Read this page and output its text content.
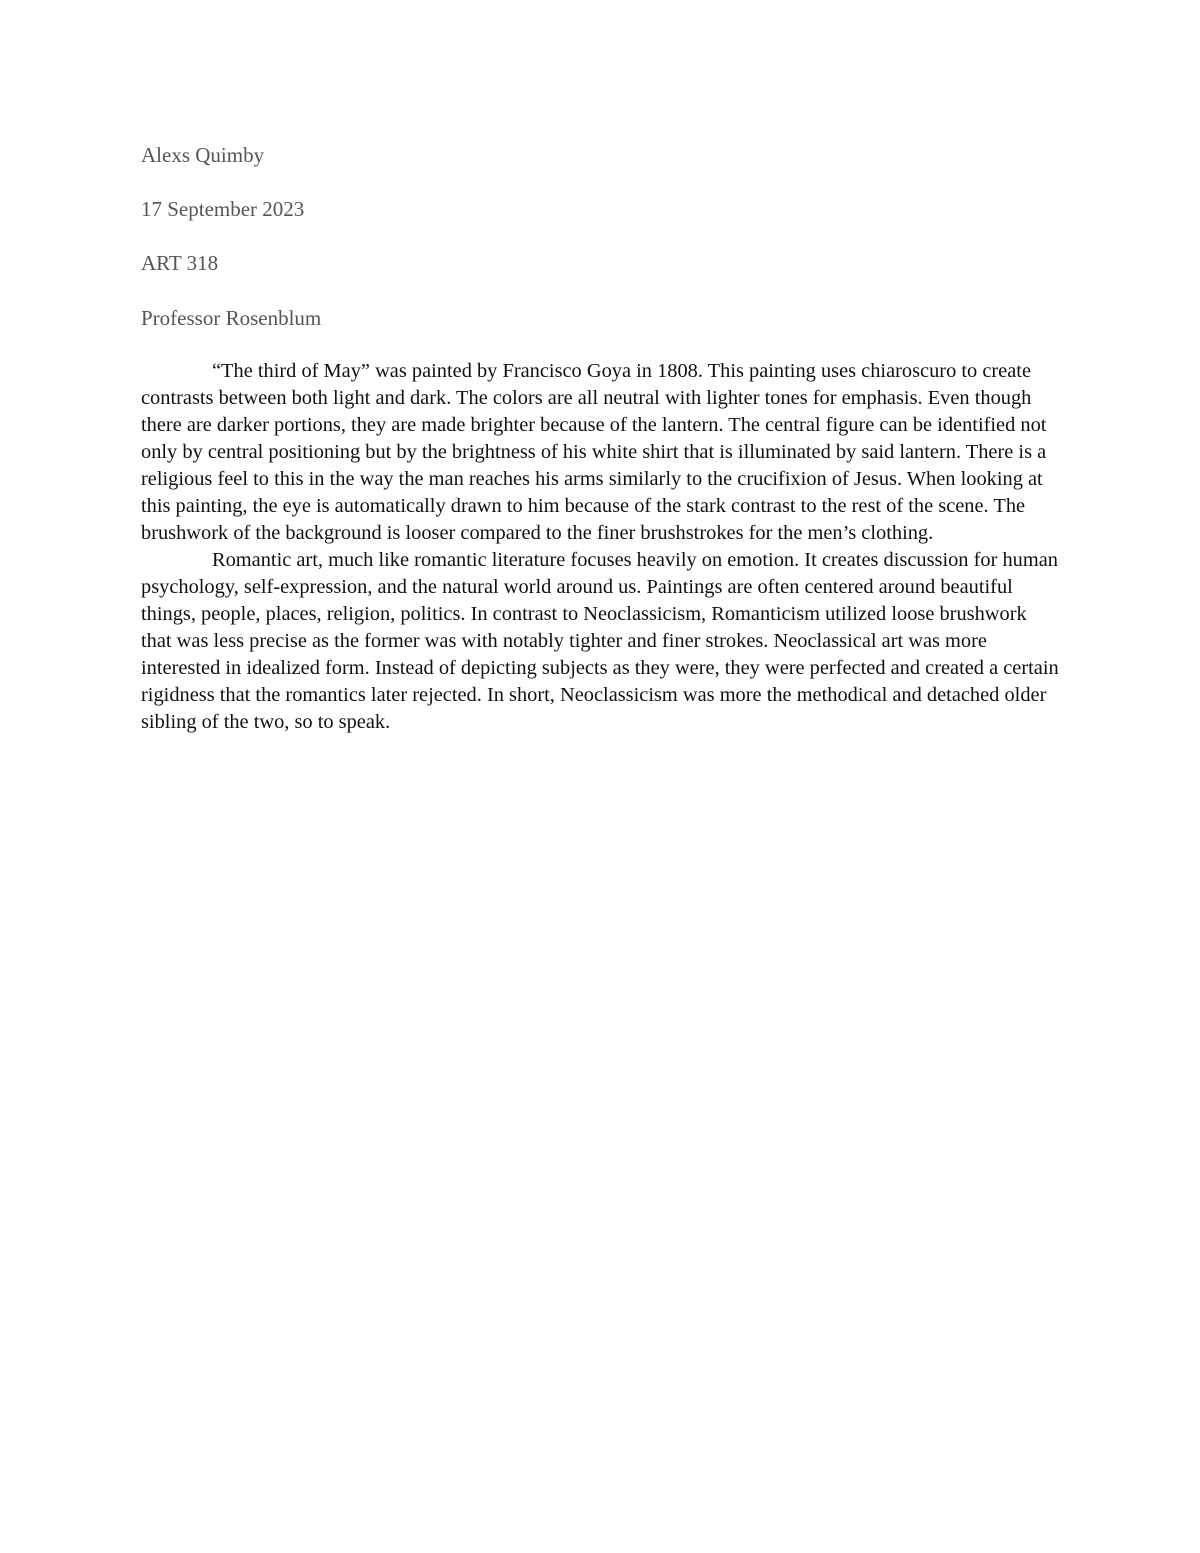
Alexs Quimby
17 September 2023
ART 318
Professor Rosenblum

“The third of May” was painted by Francisco Goya in 1808. This painting uses chiaroscuro to create contrasts between both light and dark. The colors are all neutral with lighter tones for emphasis. Even though there are darker portions, they are made brighter because of the lantern. The central figure can be identified not only by central positioning but by the brightness of his white shirt that is illuminated by said lantern. There is a religious feel to this in the way the man reaches his arms similarly to the crucifixion of Jesus. When looking at this painting, the eye is automatically drawn to him because of the stark contrast to the rest of the scene. The brushwork of the background is looser compared to the finer brushstrokes for the men’s clothing.

Romantic art, much like romantic literature focuses heavily on emotion. It creates discussion for human psychology, self-expression, and the natural world around us. Paintings are often centered around beautiful things, people, places, religion, politics. In contrast to Neoclassicism, Romanticism utilized loose brushwork that was less precise as the former was with notably tighter and finer strokes. Neoclassical art was more interested in idealized form. Instead of depicting subjects as they were, they were perfected and created a certain rigidness that the romantics later rejected. In short, Neoclassicism was more the methodical and detached older sibling of the two, so to speak.
